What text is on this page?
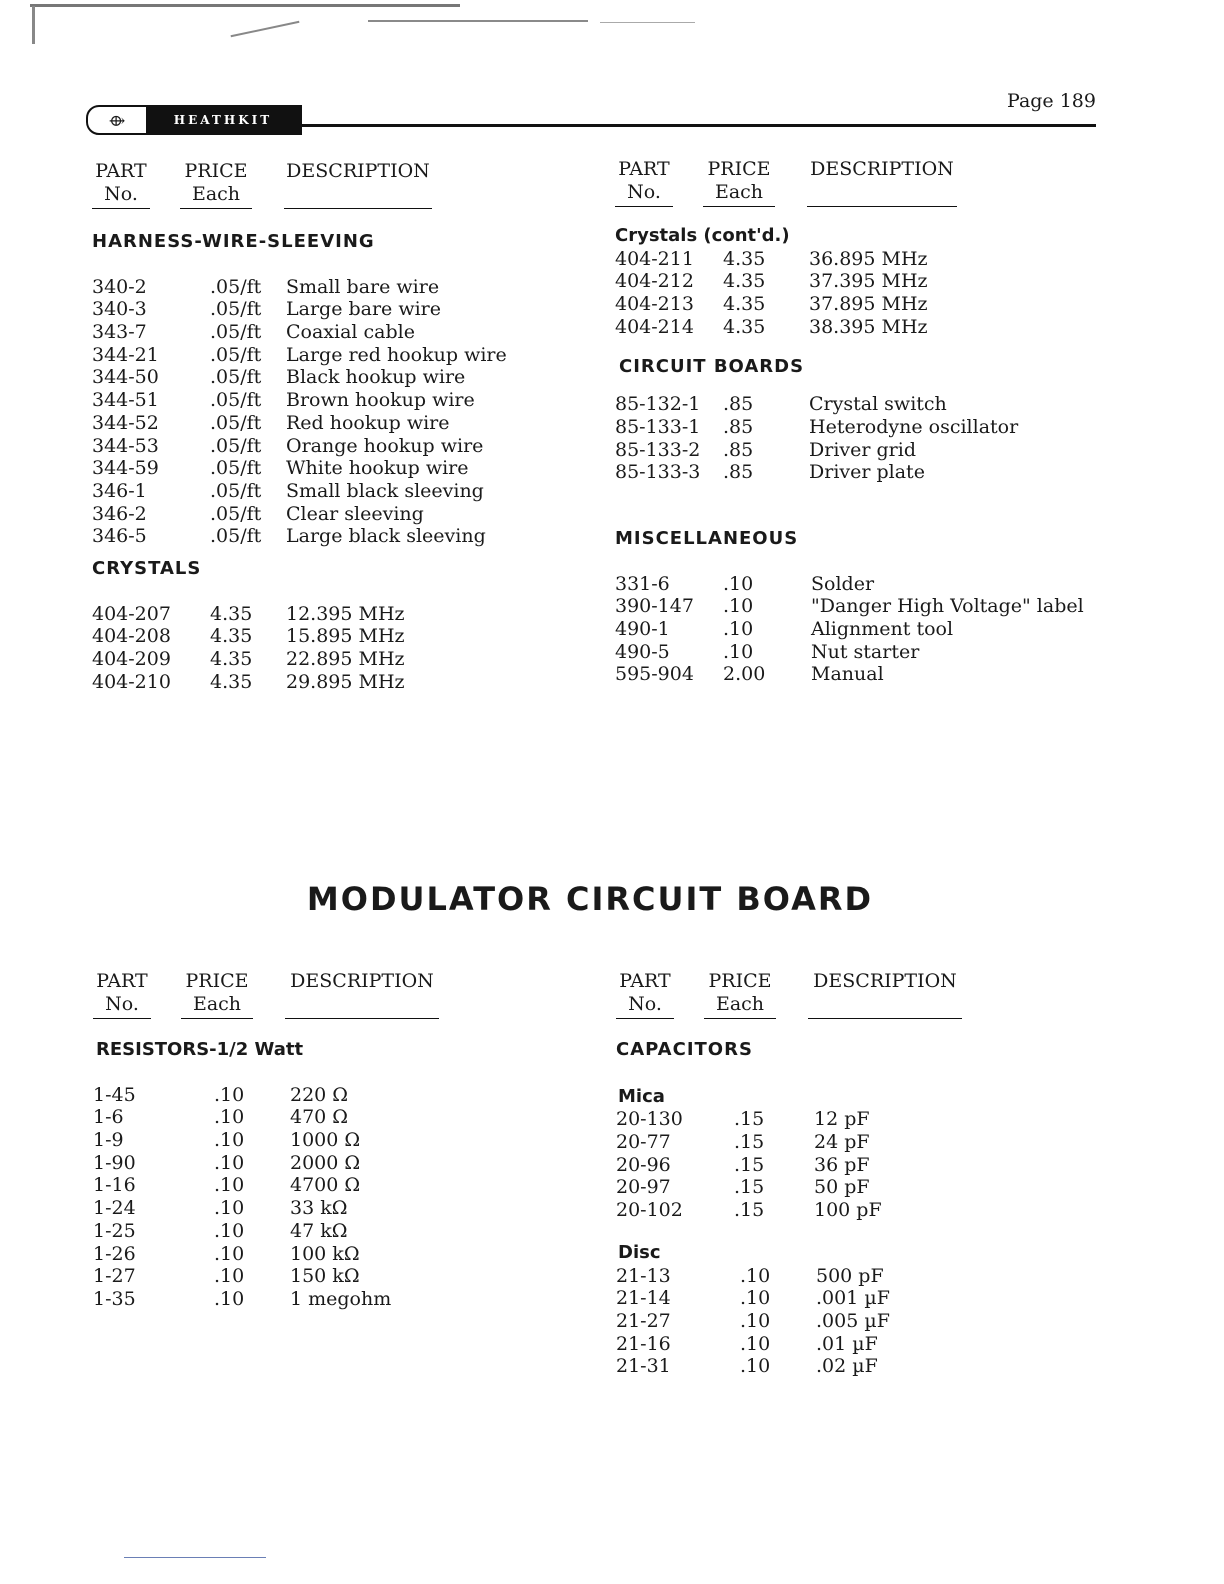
⟴	HEATHKIT
Page 189
PART
No.
PRICE
Each
DESCRIPTION

HARNESS-WIRE-SLEEVING
340-2	.05/ft	Small bare wire
340-3	.05/ft	Large bare wire
343-7	.05/ft	Coaxial cable
344-21	.05/ft	Large red hookup wire
344-50	.05/ft	Black hookup wire
344-51	.05/ft	Brown hookup wire
344-52	.05/ft	Red hookup wire
344-53	.05/ft	Orange hookup wire
344-59	.05/ft	White hookup wire
346-1	.05/ft	Small black sleeving
346-2	.05/ft	Clear sleeving
346-5	.05/ft	Large black sleeving
CRYSTALS
404-207	4.35	12.395 MHz
404-208	4.35	15.895 MHz
404-209	4.35	22.895 MHz
404-210	4.35	29.895 MHz
PART
No.
PRICE
Each
DESCRIPTION

Crystals (cont'd.)
404-211	4.35	36.895 MHz
404-212	4.35	37.395 MHz
404-213	4.35	37.895 MHz
404-214	4.35	38.395 MHz
CIRCUIT BOARDS
85-132-1	.85	Crystal switch
85-133-1	.85	Heterodyne oscillator
85-133-2	.85	Driver grid
85-133-3	.85	Driver plate
MISCELLANEOUS
331-6	.10	Solder
390-147	.10	"Danger High Voltage" label
490-1	.10	Alignment tool
490-5	.10	Nut starter
595-904	2.00	Manual
MODULATOR CIRCUIT BOARD
PART
No.
PRICE
Each
DESCRIPTION

RESISTORS-1/2 Watt
1-45	.10	220 Ω
1-6	.10	470 Ω
1-9	.10	1000 Ω
1-90	.10	2000 Ω
1-16	.10	4700 Ω
1-24	.10	33 kΩ
1-25	.10	47 kΩ
1-26	.10	100 kΩ
1-27	.10	150 kΩ
1-35	.10	1 megohm
PART
No.
PRICE
Each
DESCRIPTION

CAPACITORS
Mica
20-130	.15	12 pF
20-77	.15	24 pF
20-96	.15	36 pF
20-97	.15	50 pF
20-102	.15	100 pF
Disc
21-13	.10	500 pF
21-14	.10	.001 µF
21-27	.10	.005 µF
21-16	.10	.01 µF
21-31	.10	.02 µF
